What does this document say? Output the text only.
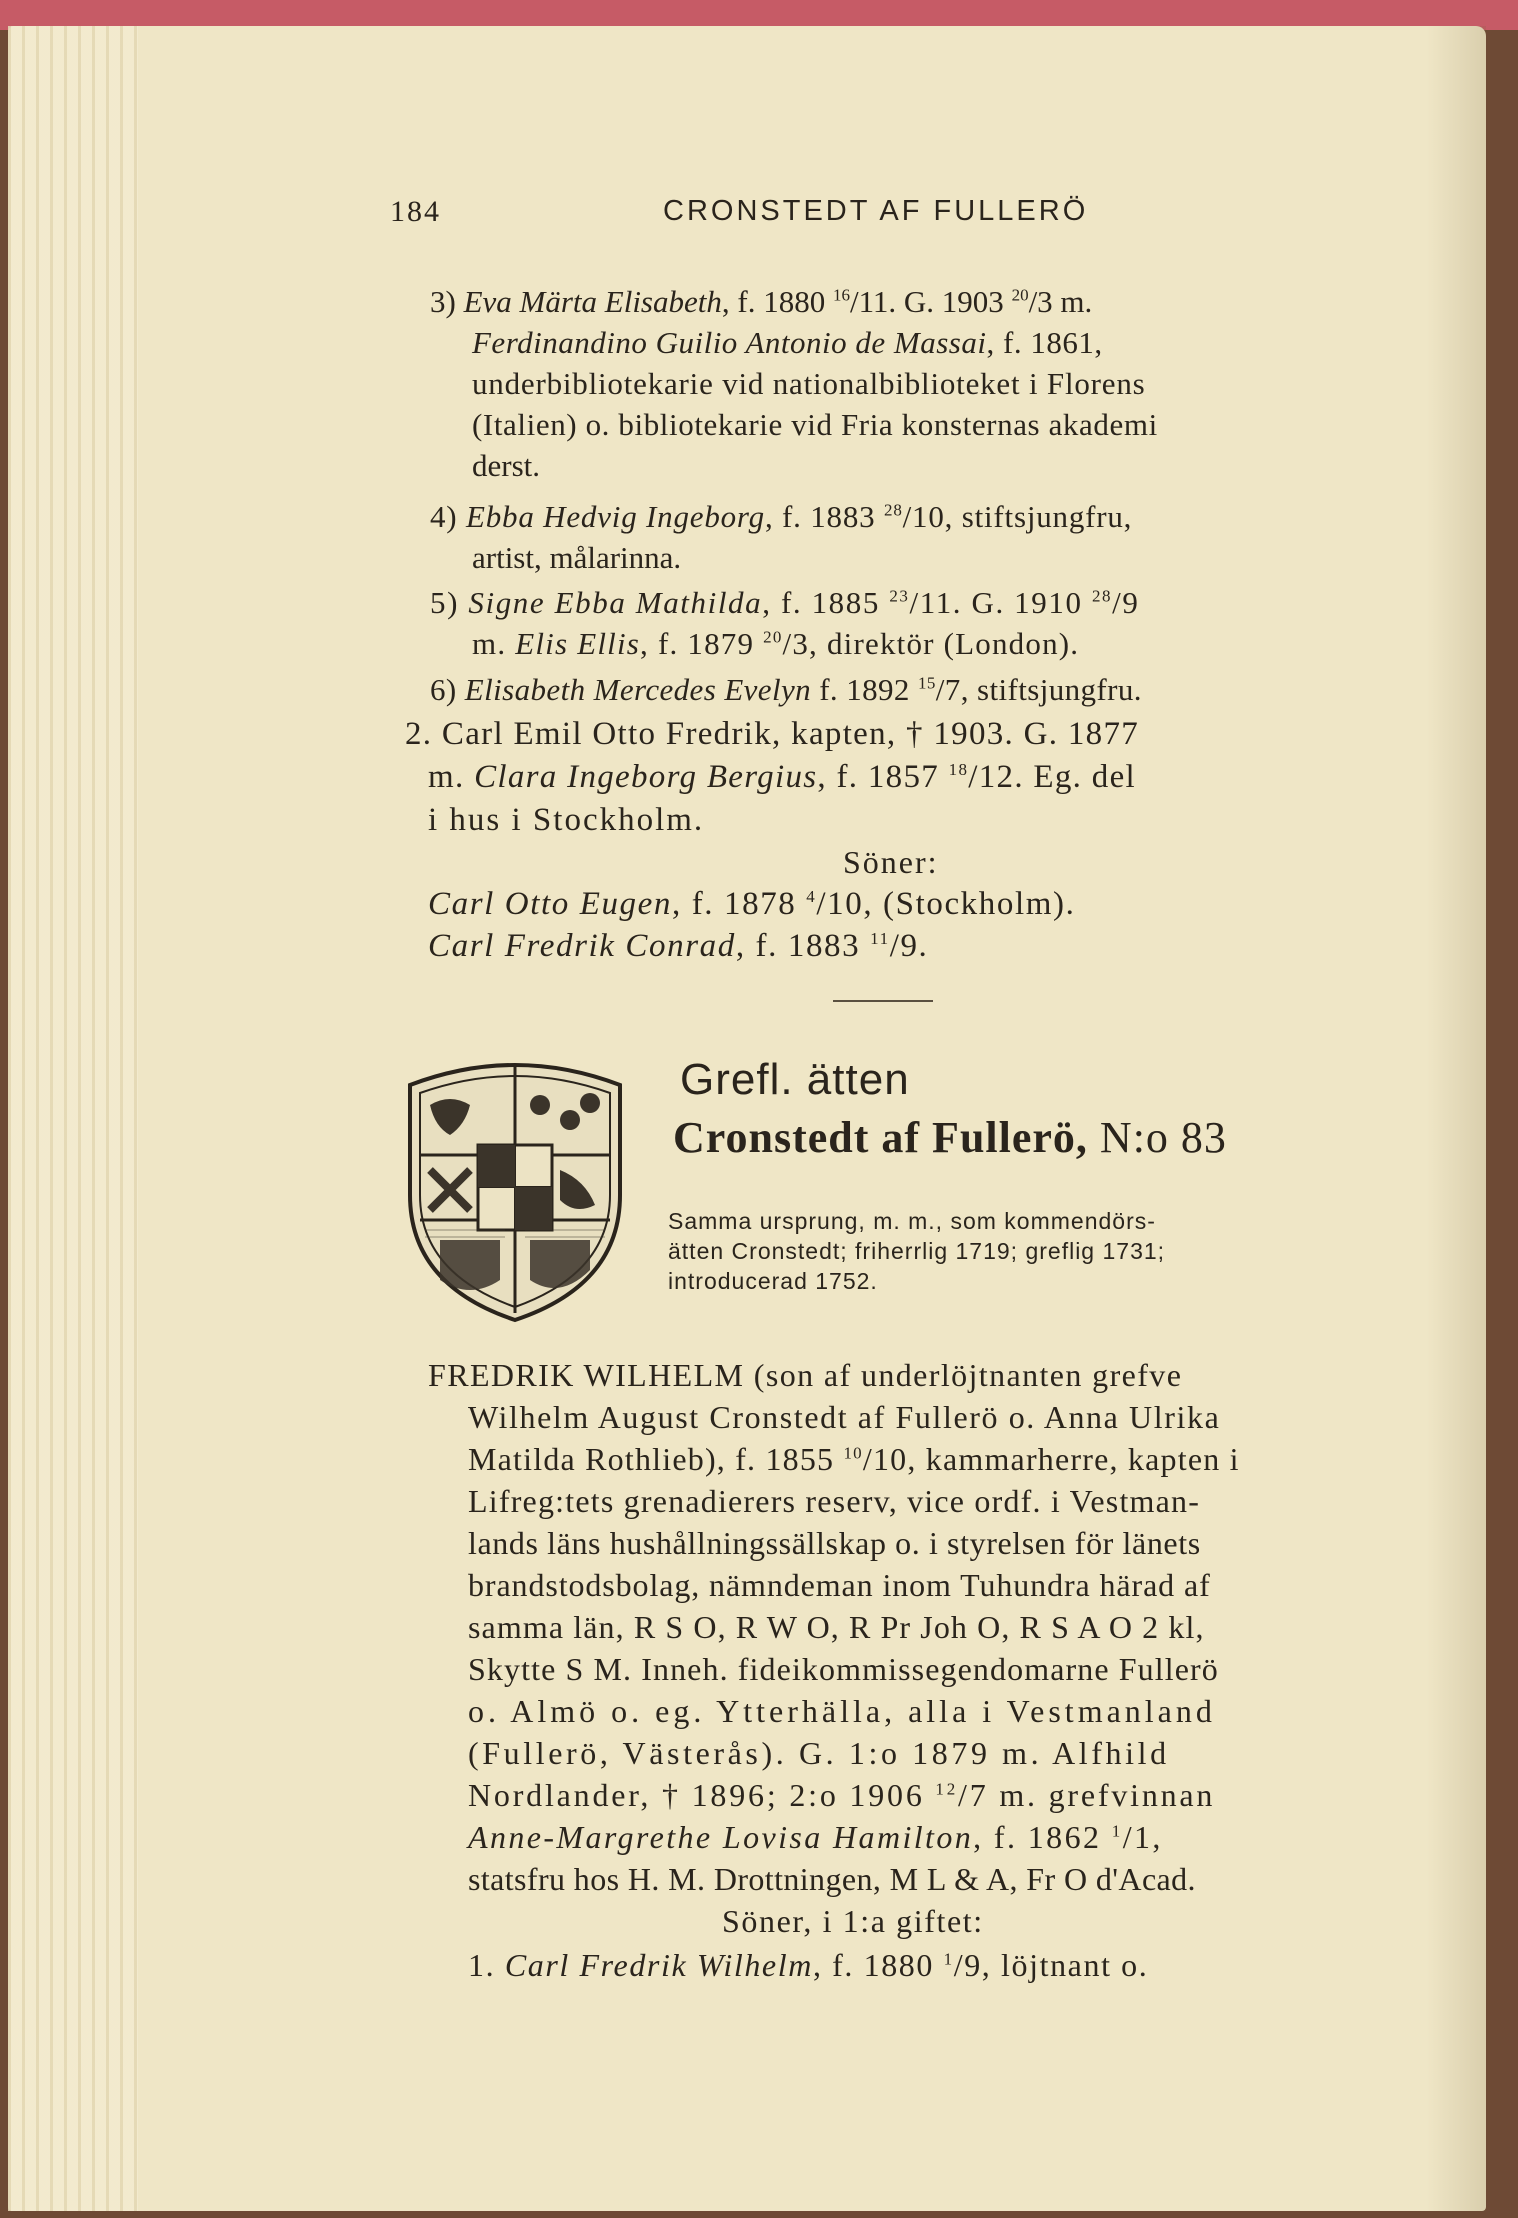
184	CRONSTEDT AF FULLERÖ
3) Eva Märta Elisabeth, f. 1880 $^{16}$/11. G. 1903 $^{20}$/3 m.
Ferdinandino Guilio Antonio de Massai, f. 1861,
underbibliotekarie vid nationalbiblioteket i Florens
(Italien) o. bibliotekarie vid Fria konsternas akademi
derst.
4) Ebba Hedvig Ingeborg, f. 1883 $^{28}$/10, stiftsjungfru,
artist, målarinna.
5) Signe Ebba Mathilda, f. 1885 $^{23}$/11. G. 1910 $^{28}$/9
m. Elis Ellis, f. 1879 $^{20}$/3, direktör (London).
6) Elisabeth Mercedes Evelyn f. 1892 $^{15}$/7, stiftsjungfru.
2. Carl Emil Otto Fredrik, kapten, † 1903. G. 1877
m. Clara Ingeborg Bergius, f. 1857 $^{18}$/12. Eg. del
i hus i Stockholm.
Söner:
Carl Otto Eugen, f. 1878 $^4$/10, (Stockholm).
Carl Fredrik Conrad, f. 1883 $^{11}$/9.
Grefl. ätten
Cronstedt af Fullerö, N:o 83
Samma ursprung, m. m., som kommendörs-
ätten Cronstedt; friherrlig 1719; greflig 1731;
introducerad 1752.
FREDRIK WILHELM (son af underlöjtnanten grefve
Wilhelm August Cronstedt af Fullerö o. Anna Ulrika
Matilda Rothlieb), f. 1855 $^{10}$/10, kammarherre, kapten i
Lifreg:tets grenadierers reserv, vice ordf. i Vestman-
lands läns hushållningssällskap o. i styrelsen för länets
brandstodsbolag, nämndeman inom Tuhundra härad af
samma län, R S O, R W O, R Pr Joh O, R S A O 2 kl,
Skytte S M. Inneh. fideikommissegendomarne Fullerö
o. Almö o. eg. Ytterhälla, alla i Vestmanland
(Fullerö, Västerås). G. 1:o 1879 m. Alfhild
Nordlander, † 1896; 2:o 1906 $^{12}$/7 m. grefvinnan
Anne-Margrethe Lovisa Hamilton, f. 1862 $^1$/1,
statsfru hos H. M. Drottningen, M L & A, Fr O d'Acad.
Söner, i 1:a giftet:
1. Carl Fredrik Wilhelm, f. 1880 $^1$/9, löjtnant o.
